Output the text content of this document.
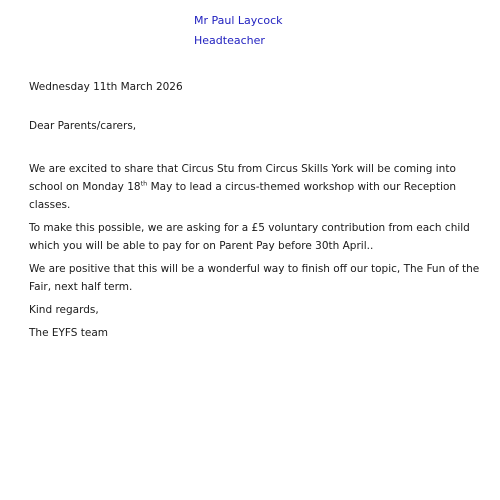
Mr Paul Laycock
Headteacher
Wednesday 11th March 2026
Dear Parents/carers,

We are excited to share that Circus Stu from Circus Skills York will be coming into school on Monday 18th May to lead a circus-themed workshop with our Reception classes.

To make this possible, we are asking for a £5 voluntary contribution from each child which you will be able to pay for on Parent Pay before 30th April..

We are positive that this will be a wonderful way to finish off our topic, The Fun of the Fair, next half term.

Kind regards,

The EYFS team
